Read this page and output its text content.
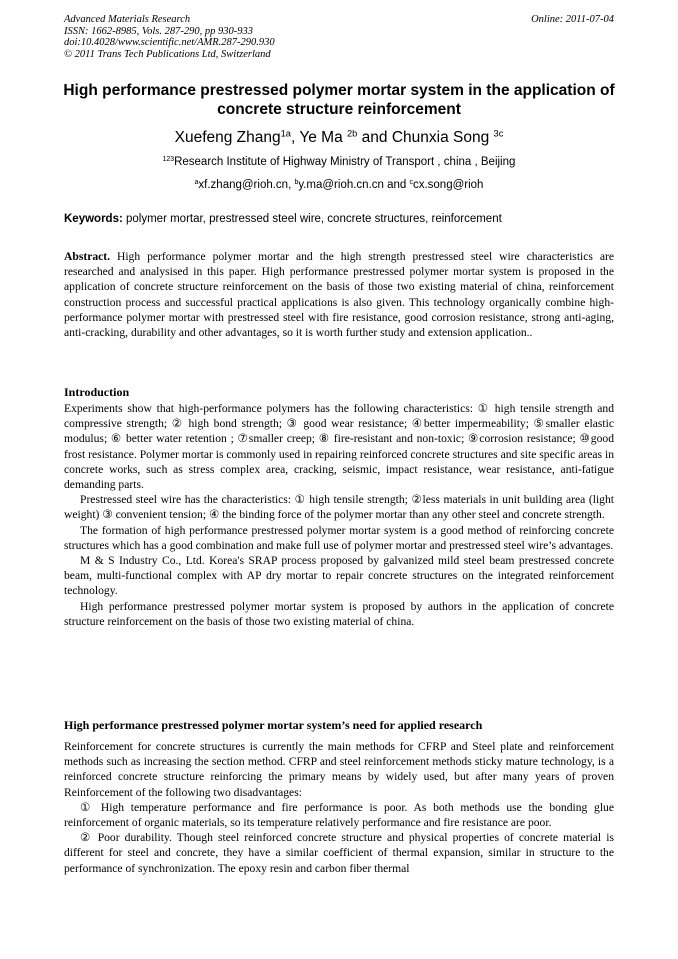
Advanced Materials Research
ISSN: 1662-8985, Vols. 287-290, pp 930-933
doi:10.4028/www.scientific.net/AMR.287-290.930
© 2011 Trans Tech Publications Ltd, Switzerland
Online: 2011-07-04
High performance prestressed polymer mortar system in the application of concrete structure reinforcement
Xuefeng Zhang$^{1a}$, Ye Ma $^{2b}$ and Chunxia Song $^{3c}$
$^{123}$Research Institute of Highway Ministry of Transport , china , Beijing
$^a$xf.zhang@rioh.cn, $^b$y.ma@rioh.cn.cn and $^c$cx.song@rioh
Keywords: polymer mortar, prestressed steel wire, concrete structures, reinforcement

Abstract. High performance polymer mortar and the high strength prestressed steel wire characteristics are researched and analysised in this paper. High performance prestressed polymer mortar system is proposed in the application of concrete structure reinforcement on the basis of those two existing material of china, reinforcement construction process and successful practical applications is also given. This technology organically combine high-performance polymer mortar with prestressed steel with fire resistance, good corrosion resistance, strong anti-aging, anti-cracking, durability and other advantages, so it is worth further study and extension application..

Introduction

Experiments show that high-performance polymers has the following characteristics: ① high tensile strength and compressive strength; ② high bond strength; ③ good wear resistance; ④better impermeability; ⑤smaller elastic modulus; ⑥ better water retention ; ⑦smaller creep; ⑧ fire-resistant and non-toxic; ⑨corrosion resistance; ⑩good frost resistance. Polymer mortar is commonly used in repairing reinforced concrete structures and site specific areas in concrete works, such as stress complex area, cracking, seismic, impact resistance, wear resistance, anti-fatigue demanding parts.

Prestressed steel wire has the characteristics: ① high tensile strength; ②less materials in unit building area (light weight) ③ convenient tension; ④ the binding force of the polymer mortar than any other steel and concrete strength.

The formation of high performance prestressed polymer mortar system is a good method of reinforcing concrete structures which has a good combination and make full use of polymer mortar and prestressed steel wire’s advantages.

M & S Industry Co., Ltd. Korea's SRAP process proposed by galvanized mild steel beam prestressed concrete beam, multi-functional complex with AP dry mortar to repair concrete structures on the integrated reinforcement technology.

High performance prestressed polymer mortar system is proposed by authors in the application of concrete structure reinforcement on the basis of those two existing material of china.

High performance prestressed polymer mortar system’s need for applied research

Reinforcement for concrete structures is currently the main methods for CFRP and Steel plate and reinforcement methods such as increasing the section method. CFRP and steel reinforcement methods sticky mature technology, is a reinforced concrete structure reinforcing the primary means by widely used, but after many years of proven Reinforcement of the following two disadvantages:

① High temperature performance and fire performance is poor. As both methods use the bonding glue reinforcement of organic materials, so its temperature relatively performance and fire resistance are poor.

② Poor durability. Though steel reinforced concrete structure and physical properties of concrete material is different for steel and concrete, they have a similar coefficient of thermal expansion, similar in structure to the performance of synchronization. The epoxy resin and carbon fiber thermal
